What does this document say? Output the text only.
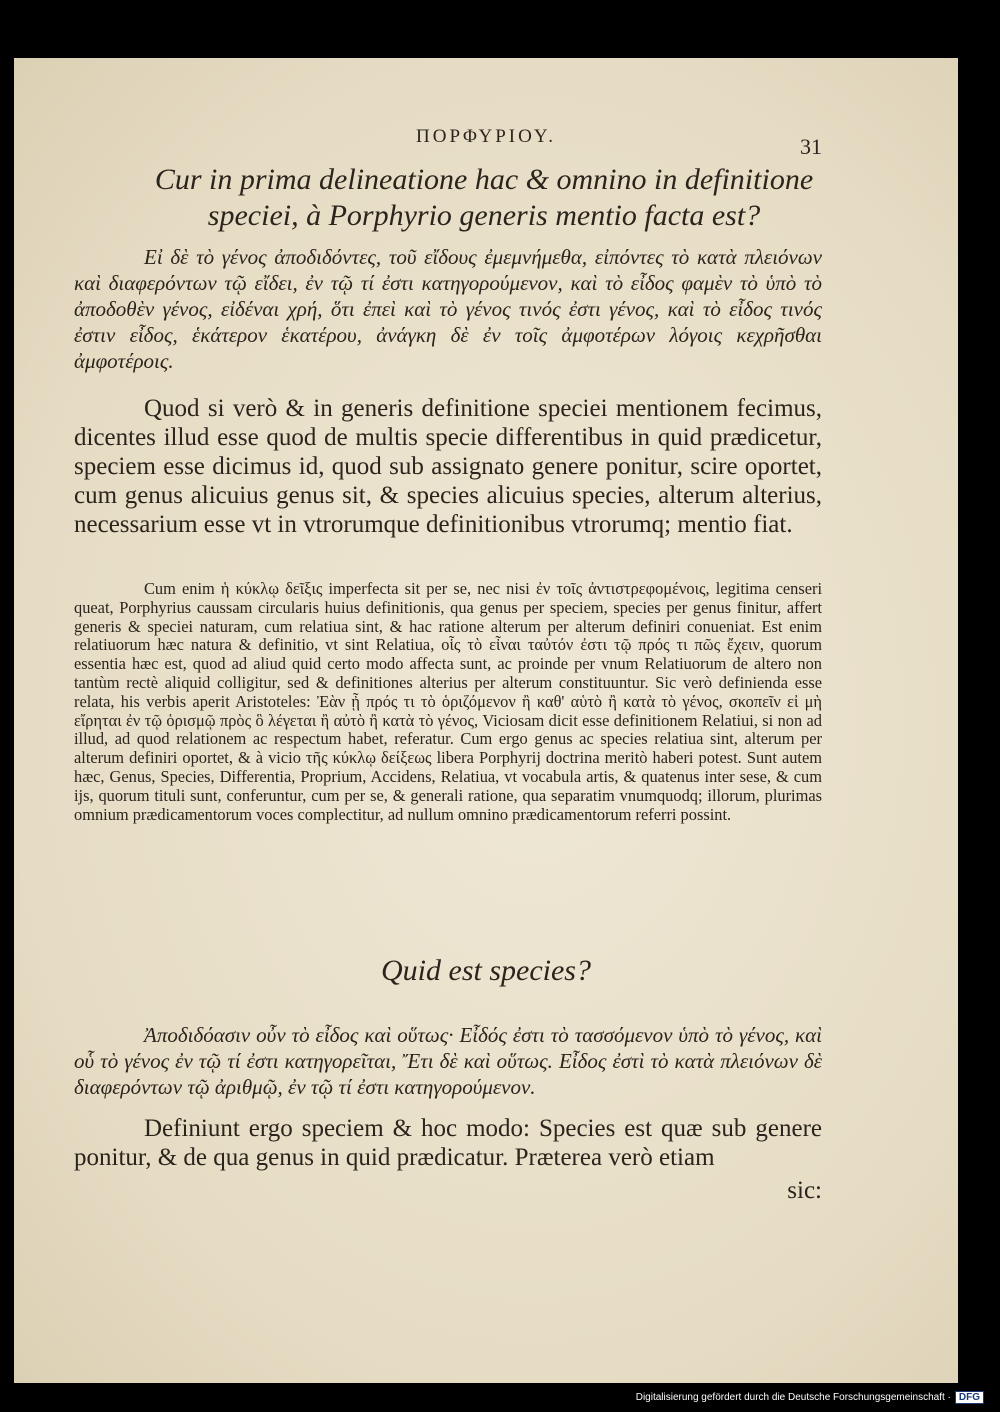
ΠΟΡΦΥΡΙΟΥ.	31
Cur in prima delineatione hac & omnino in definitione speciei, à Porphyrio generis mentio facta est?
Εἰ δὲ τὸ γένος ἀποδιδόντες, τοῦ εἴδους ἐμεμνήμεθα, εἰπόντες τὸ κατὰ πλειόνων καὶ διαφερόντων τῷ εἴδει, ἐν τῷ τί ἐστι κατηγορούμενον, καὶ τὸ εἶδος φαμὲν τὸ ὑπὸ τὸ ἀποδοθὲν γένος, εἰδέναι χρή, ὅτι ἐπεὶ καὶ τὸ γένος τινός ἐστι γένος, καὶ τὸ εἶδος τινός ἐστιν εἶδος, ἑκάτερον ἑκατέρου, ἀνάγκη δὲ ἐν τοῖς ἀμφοτέρων λόγοις κεχρῆσθαι ἀμφοτέροις.
Quod si verò & in generis definitione speciei mentionem fecimus, dicentes illud esse quod de multis specie differentibus in quid prædicetur, speciem esse dicimus id, quod sub assignato genere ponitur, scire oportet, cum genus alicuius genus sit, & species alicuius species, alterum alterius, necessarium esse vt in vtrorumque definitionibus vtrorumq; mentio fiat.
Cum enim ἡ κύκλῳ δεῖξις imperfecta sit per se, nec nisi ἐν τοῖς ἀντιστρεφομένοις, legitima censeri queat, Porphyrius caussam circularis huius definitionis, qua genus per speciem, species per genus finitur, affert generis & speciei naturam, cum relatiua sint, & hac ratione alterum per alterum definiri conueniat. Est enim relatiuorum hæc natura & definitio, vt sint Relatiua, οἷς τὸ εἶναι ταὐτόν ἐστι τῷ πρός τι πῶς ἔχειν, quorum essentia hæc est, quod ad aliud quid certo modo affecta sunt, ac proinde per vnum Relatiuorum de altero non tantùm rectè aliquid colligitur, sed & definitiones alterius per alterum constituuntur. Sic verò definienda esse relata, his verbis aperit Aristoteles: Ἐὰν ᾖ πρός τι τὸ ὁριζόμενον ἢ καθ' αὑτὸ ἢ κατὰ τὸ γένος, σκοπεῖν εἰ μὴ εἴρηται ἐν τῷ ὁρισμῷ πρὸς ὃ λέγεται ἢ αὐτὸ ἢ κατὰ τὸ γένος, Viciosam dicit esse definitionem Relatiui, si non ad illud, ad quod relationem ac respectum habet, referatur. Cum ergo genus ac species relatiua sint, alterum per alterum definiri oportet, & à vicio τῆς κύκλῳ δείξεως libera Porphyrij doctrina meritò haberi potest. Sunt autem hæc, Genus, Species, Differentia, Proprium, Accidens, Relatiua, vt vocabula artis, & quatenus inter sese, & cum ijs, quorum tituli sunt, conferuntur, cum per se, & generali ratione, qua separatim vnumquodq; illorum, plurimas omnium prædicamentorum voces complectitur, ad nullum omnino prædicamentorum referri possint.
Quid est species?
Ἀποδιδόασιν οὖν τὸ εἶδος καὶ οὕτως· Εἶδός ἐστι τὸ τασσόμενον ὑπὸ τὸ γένος, καὶ οὗ τὸ γένος ἐν τῷ τί ἐστι κατηγορεῖται, Ἔτι δὲ καὶ οὕτως. Εἶδος ἐστὶ τὸ κατὰ πλειόνων δὲ διαφερόντων τῷ ἀριθμῷ, ἐν τῷ τί ἐστι κατηγορούμενον.
Definiunt ergo speciem & hoc modo: Species est quæ sub genere ponitur, & de qua genus in quid prædicatur. Præterea verò etiam
sic:
Digitalisierung gefördert durch die Deutsche Forschungsgemeinschaft · DFG
